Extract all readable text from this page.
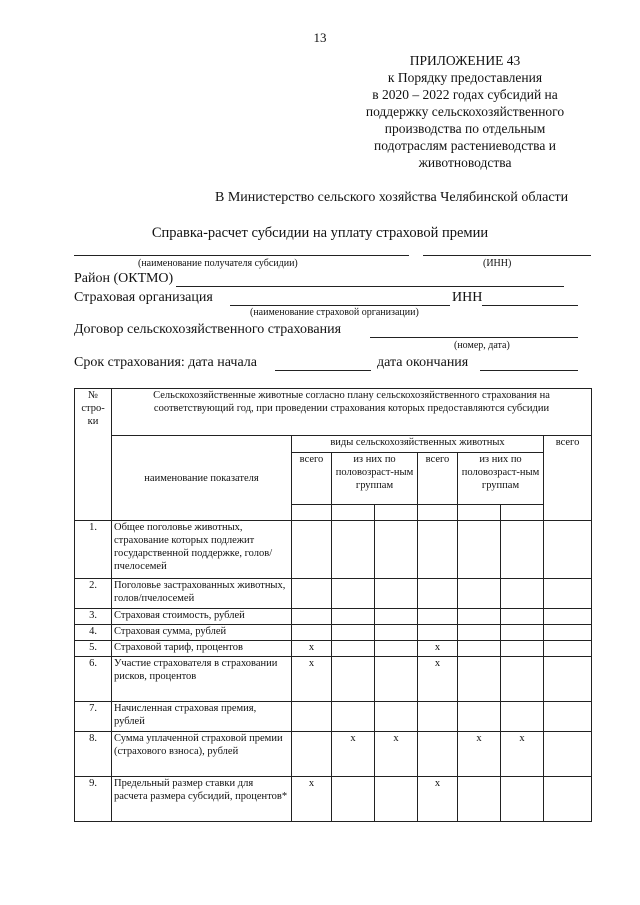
13
ПРИЛОЖЕНИЕ 43
к Порядку предоставления
в 2020 – 2022 годах субсидий на
поддержку сельскохозяйственного
производства по отдельным
подотраслям растениеводства и
животноводства
В Министерство сельского хозяйства Челябинской области
Справка-расчет субсидии на уплату страховой премии
(наименование получателя субсидии)	(ИНН)
Район (ОКТМО)
Страховая организация	ИНН
(наименование страховой организации)
Договор сельскохозяйственного страхования
(номер, дата)
Срок страхования: дата начала	дата окончания
№ стро-ки	Сельскохозяйственные животные согласно плану сельскохозяйственного страхования на соответствующий год, при проведении страхования которых предоставляются субсидии								
	наименование показателя	виды сельскохозяйственных животных						всего	
		всего	из них по половозраст-ным группам		всего	из них по половозраст-ным группам			

1.	Общее поголовье животных, страхование которых подлежит государственной поддержке, голов/пчелосемей								
2.	Поголовье застрахованных животных, голов/пчелосемей								
3.	Страховая стоимость, рублей								
4.	Страховая сумма, рублей								
5.	Страховой тариф, процентов	x			x				
6.	Участие страхователя в страховании рисков, процентов	x			x				
7.	Начисленная страховая премия, рублей								
8.	Сумма уплаченной страховой премии (страхового взноса), рублей		x	x		x	x		
9.	Предельный размер ставки для расчета размера субсидий, процентов*	x			x				
